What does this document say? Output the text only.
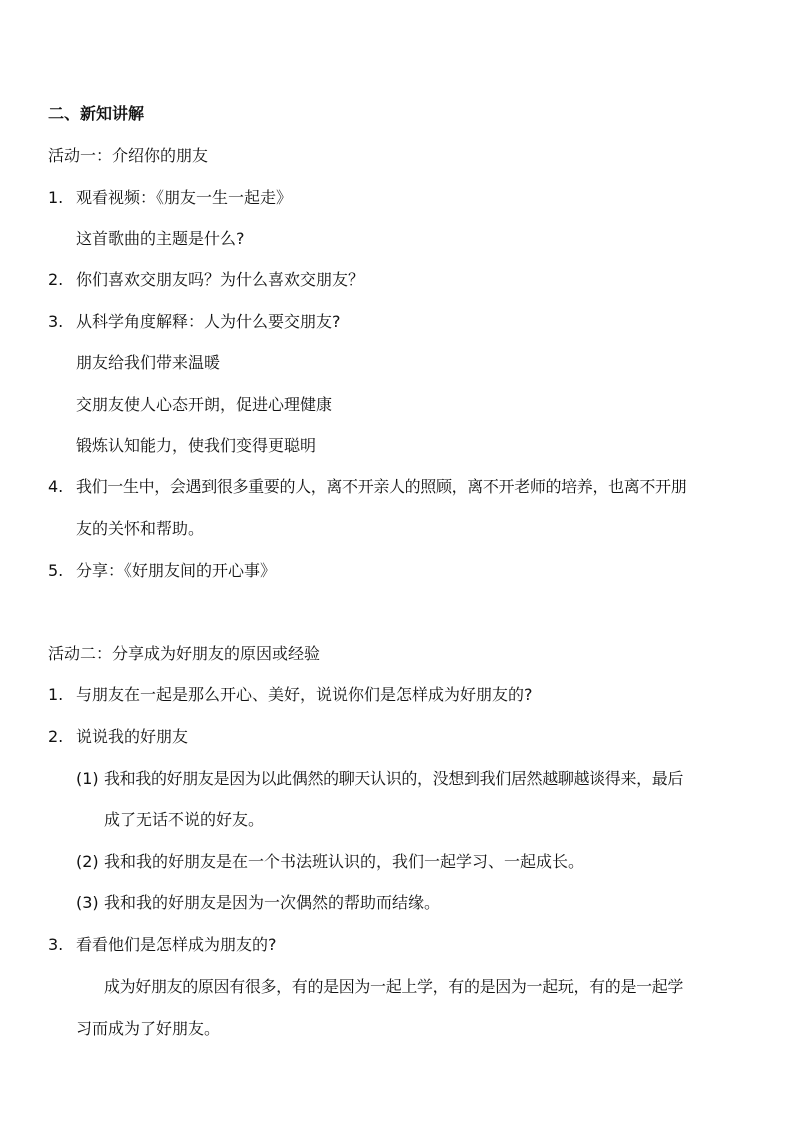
二、新知讲解
活动一：介绍你的朋友
1. 观看视频：《朋友一生一起走》
这首歌曲的主题是什么?
2. 你们喜欢交朋友吗？为什么喜欢交朋友？
3. 从科学角度解释：人为什么要交朋友?
朋友给我们带来温暖
交朋友使人心态开朗，促进心理健康
锻炼认知能力，使我们变得更聪明
4. 我们一生中，会遇到很多重要的人，离不开亲人的照顾，离不开老师的培养，也离不开朋
友的关怀和帮助。
5. 分享：《好朋友间的开心事》
活动二：分享成为好朋友的原因或经验
1. 与朋友在一起是那么开心、美好，说说你们是怎样成为好朋友的?
2. 说说我的好朋友
(1) 我和我的好朋友是因为以此偶然的聊天认识的，没想到我们居然越聊越谈得来，最后
成了无话不说的好友。
(2) 我和我的好朋友是在一个书法班认识的，我们一起学习、一起成长。
(3) 我和我的好朋友是因为一次偶然的帮助而结缘。
3. 看看他们是怎样成为朋友的?
成为好朋友的原因有很多，有的是因为一起上学，有的是因为一起玩，有的是一起学
习而成为了好朋友。
